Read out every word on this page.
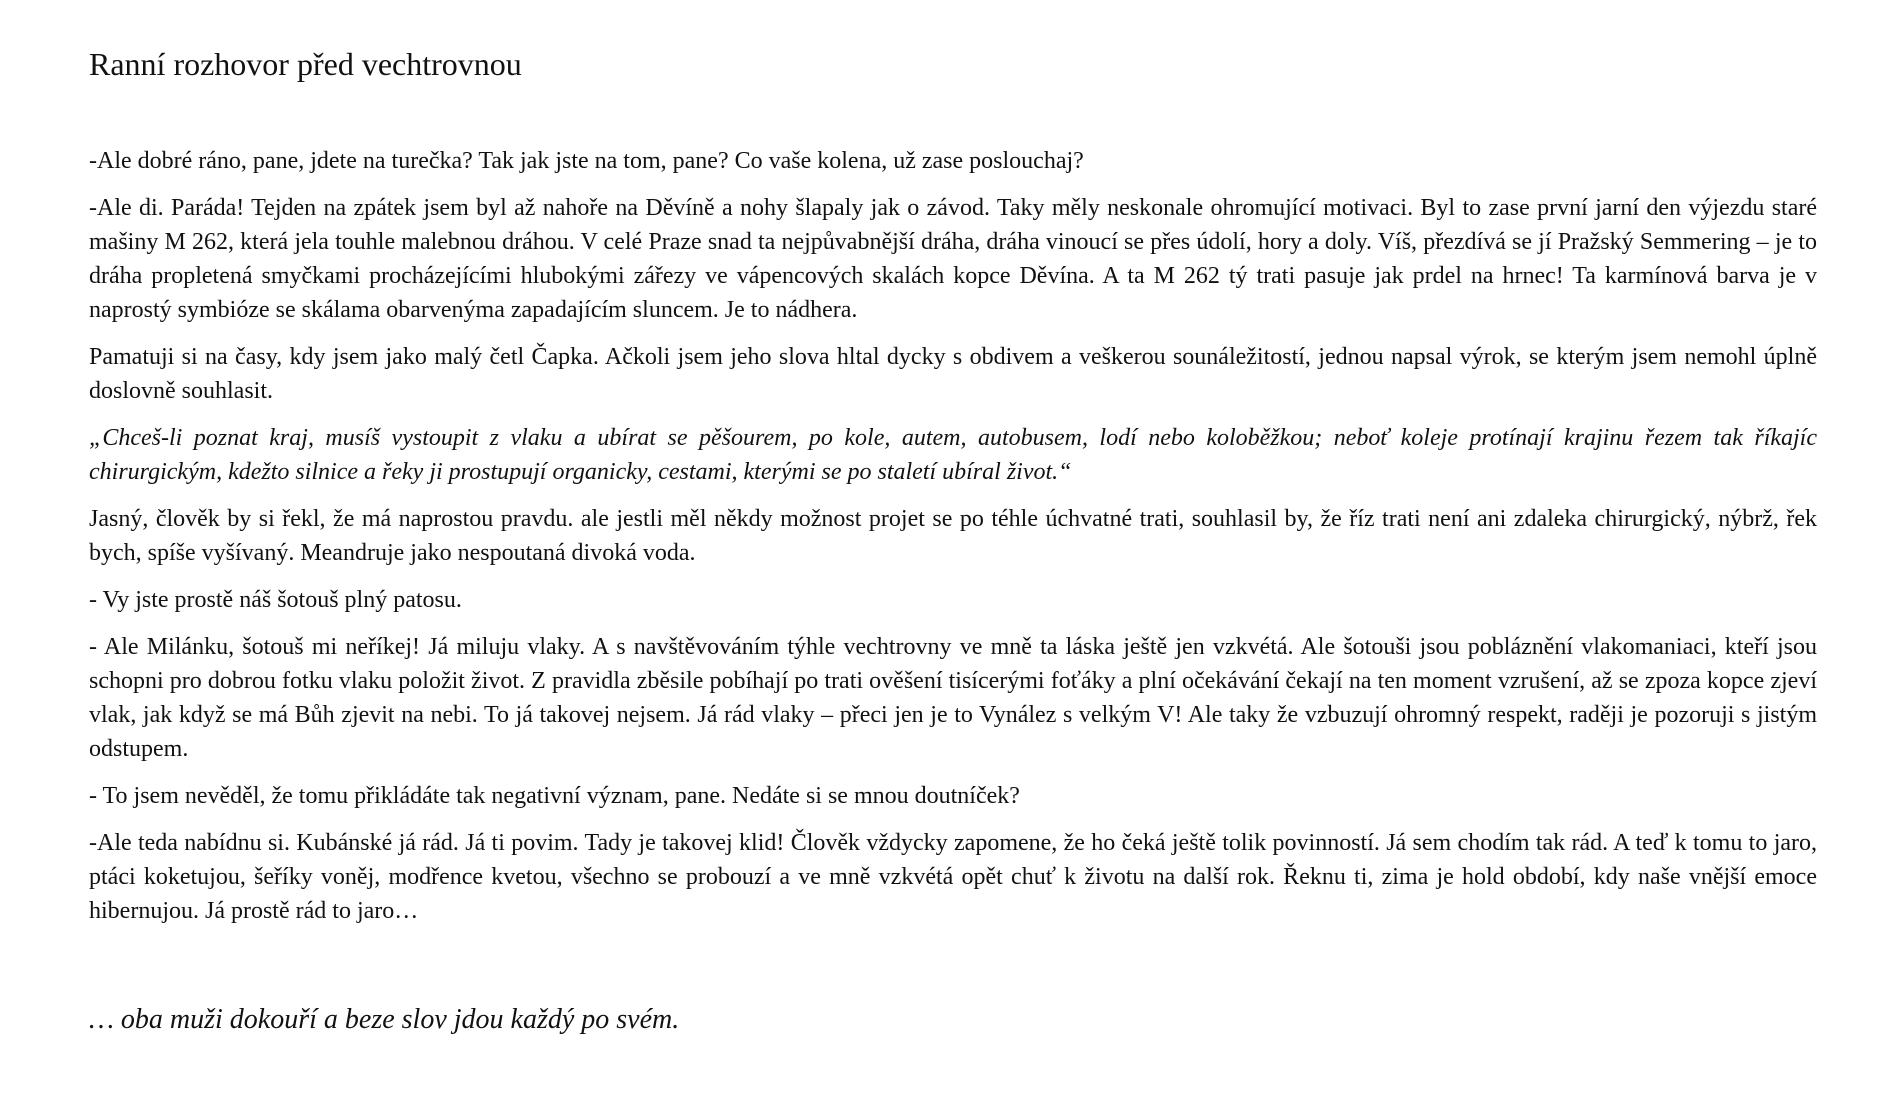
Ranní rozhovor před vechtrovnou

-Ale dobré ráno, pane, jdete na turečka? Tak jak jste na tom, pane? Co vaše kolena, už zase poslouchaj?

-Ale di. Paráda! Tejden na zpátek jsem byl až nahoře na Děvíně a nohy šlapaly jak o závod. Taky měly neskonale ohromující motivaci. Byl to zase první jarní den výjezdu staré mašiny M 262, která jela touhle malebnou dráhou. V celé Praze snad ta nejpůvabnější dráha, dráha vinoucí se přes údolí, hory a doly. Víš, přezdívá se jí Pražský Semmering – je to dráha propletená smyčkami procházejícími hlubokými zářezy ve vápencových skalách kopce Děvína. A ta M 262 tý trati pasuje jak prdel na hrnec! Ta karmínová barva je v naprostý symbióze se skálama obarvenýma zapadajícím sluncem. Je to nádhera.

Pamatuji si na časy, kdy jsem jako malý četl Čapka. Ačkoli jsem jeho slova hltal dycky s obdivem a veškerou sounáležitostí, jednou napsal výrok, se kterým jsem nemohl úplně doslovně souhlasit.

„Chceš-li poznat kraj, musíš vystoupit z vlaku a ubírat se pěšourem, po kole, autem, autobusem, lodí nebo koloběžkou; neboť koleje protínají krajinu řezem tak říkajíc chirurgickým, kdežto silnice a řeky ji prostupují organicky, cestami, kterými se po staletí ubíral život.“

Jasný, člověk by si řekl, že má naprostou pravdu. ale jestli měl někdy možnost projet se po téhle úchvatné trati, souhlasil by, že říz trati není ani zdaleka chirurgický, nýbrž, řek bych, spíše vyšívaný. Meandruje jako nespoutaná divoká voda.

- Vy jste prostě náš šotouš plný patosu.

- Ale Milánku, šotouš mi neříkej! Já miluju vlaky. A s navštěvováním týhle vechtrovny ve mně ta láska ještě jen vzkvétá. Ale šotouši jsou pobláznění vlakomaniaci, kteří jsou schopni pro dobrou fotku vlaku položit život. Z pravidla zběsile pobíhají po trati ověšení tisícerými foťáky a plní očekávání čekají na ten moment vzrušení, až se zpoza kopce zjeví vlak, jak když se má Bůh zjevit na nebi. To já takovej nejsem. Já rád vlaky – přeci jen je to Vynález s velkým V! Ale taky že vzbuzují ohromný respekt, raději je pozoruji s jistým odstupem.

- To jsem nevěděl, že tomu přikládáte tak negativní význam, pane. Nedáte si se mnou doutníček?

-Ale teda nabídnu si. Kubánské já rád. Já ti povim. Tady je takovej klid! Člověk vždycky zapomene, že ho čeká ještě tolik povinností. Já sem chodím tak rád. A teď k tomu to jaro, ptáci koketujou, šeříky voněj, modřence kvetou, všechno se probouzí a ve mně vzkvétá opět chuť k životu na další rok. Řeknu ti, zima je hold období, kdy naše vnější emoce hibernujou. Já prostě rád to jaro…

… oba muži dokouří a beze slov jdou každý po svém.
